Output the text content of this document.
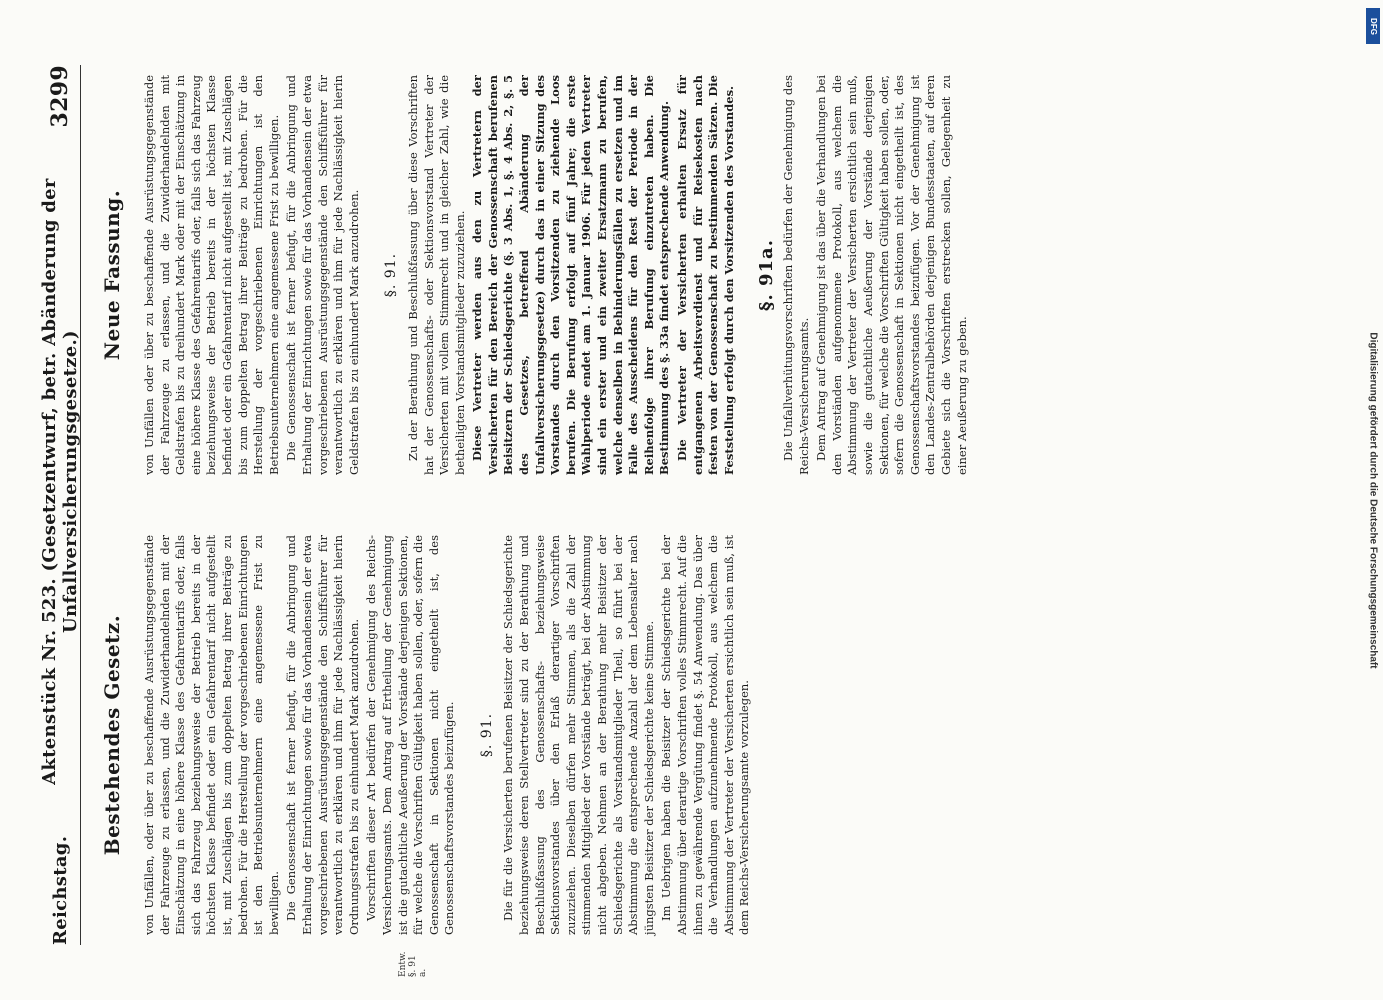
Reichstag.
Aktenstück Nr. 523. (Gesetzentwurf, betr. Abänderung der Unfallversicherungsgesetze.)
3299
Bestehendes Gesetz. von Unfällen, oder über zu beschaffende Ausrüstungsgegenstände der Fahrzeuge zu erlassen, und die Zuwiderhandelnden mit der Einschätzung in eine höhere Klasse des Gefahrentarifs oder, falls sich das Fahrzeug beziehungsweise der Betrieb bereits in der höchsten Klasse befindet oder ein Gefahrentarif nicht aufgestellt ist, mit Zuschlägen bis zum doppelten Betrag ihrer Beiträge zu bedrohen. Für die Herstellung der vorgeschriebenen Einrichtungen ist den Betriebsunternehmern eine angemessene Frist zu bewilligen. Die Genossenschaft ist ferner befugt, für die Anbringung und Erhaltung der Einrichtungen sowie für das Vorhandensein der etwa vorgeschriebenen Ausrüstungsgegenstände den Schiffsführer für verantwortlich zu erklären und ihm für jede Nachlässigkeit hierin Ordnungsstrafen bis zu einhundert Mark anzudrohen. Vorschriften dieser Art bedürfen der Genehmigung des Reichs-Versicherungsamts. Dem Antrag auf Ertheilung der Genehmigung ist die gutachtliche Aeußerung der Vorstände derjenigen Sektionen, für welche die Vorschriften Gültigkeit haben sollen, oder, sofern die Genossenschaft in Sektionen nicht eingetheilt ist, des Genossenschaftsvorstandes beizufügen. §. 91. Die für die Versicherten berufenen Beisitzer der Schiedsgerichte beziehungsweise deren Stellvertreter sind zu der Berathung und Beschlußfassung des Genossenschafts- beziehungsweise Sektionsvorstandes über den Erlaß derartiger Vorschriften zuzuziehen. Dieselben dürfen mehr Stimmen, als die Zahl der stimmenden Mitglieder der Vorstände beträgt, bei der Abstimmung nicht abgeben. Nehmen an der Berathung mehr Beisitzer der Schiedsgerichte als Vorstandsmitglieder Theil, so führt bei der Abstimmung die entsprechende Anzahl der dem Lebensalter nach jüngsten Beisitzer der Schiedsgerichte keine Stimme. Im Uebrigen haben die Beisitzer der Schiedsgerichte bei der Abstimmung über derartige Vorschriften volles Stimmrecht. Auf die ihnen zu gewährende Vergütung findet §. 54 Anwendung. Das über die Verhandlungen aufzunehmende Protokoll, aus welchem die Abstimmung der Vertreter der Versicherten ersichtlich sein muß, ist dem Reichs-Versicherungsamte vorzulegen.

Entw. §. 91 a.
Neue Fassung. von Unfällen oder über zu beschaffende Ausrüstungsgegenstände der Fahrzeuge zu erlassen, und die Zuwiderhandelnden mit Geldstrafen bis zu dreihundert Mark oder mit der Einschätzung in eine höhere Klasse des Gefahrentarifs oder, falls sich das Fahrzeug beziehungsweise der Betrieb bereits in der höchsten Klasse befindet oder ein Gefahrentarif nicht aufgestellt ist, mit Zuschlägen bis zum doppelten Betrag ihrer Beiträge zu bedrohen. Für die Herstellung der vorgeschriebenen Einrichtungen ist den Betriebsunternehmern eine angemessene Frist zu bewilligen. Die Genossenschaft ist ferner befugt, für die Anbringung und Erhaltung der Einrichtungen sowie für das Vorhandensein der etwa vorgeschriebenen Ausrüstungsgegenstände den Schiffsführer für verantwortlich zu erklären und ihm für jede Nachlässigkeit hierin Geldstrafen bis zu einhundert Mark anzudrohen. §. 91. Zu der Berathung und Beschlußfassung über diese Vorschriften hat der Genossenschafts- oder Sektionsvorstand Vertreter der Versicherten mit vollem Stimmrecht und in gleicher Zahl, wie die betheiligten Vorstandsmitglieder zuzuziehen. Diese Vertreter werden aus den zu Vertretern der Versicherten für den Bereich der Genossenschaft berufenen Beisitzern der Schiedsgerichte (§. 3 Abs. 1, §. 4 Abs. 2, §. 5 des Gesetzes, betreffend Abänderung der Unfallversicherungsgesetze) durch das in einer Sitzung des Vorstandes durch den Vorsitzenden zu ziehende Loos berufen. Die Berufung erfolgt auf fünf Jahre; die erste Wahlperiode endet am 1. Januar 1906. Für jeden Vertreter sind ein erster und ein zweiter Ersatzmann zu berufen, welche denselben in Behinderungsfällen zu ersetzen und im Falle des Ausscheidens für den Rest der Periode in der Reihenfolge ihrer Berufung einzutreten haben. Die Bestimmung des §. 33a findet entsprechende Anwendung. Die Vertreter der Versicherten erhalten Ersatz für entgangenen Arbeitsverdienst und für Reisekosten nach festen von der Genossenschaft zu bestimmenden Sätzen. Die Feststellung erfolgt durch den Vorsitzenden des Vorstandes. §. 91a. Die Unfallverhütungsvorschriften bedürfen der Genehmigung des Reichs-Versicherungsamts. Dem Antrag auf Genehmigung ist das über die Verhandlungen bei den Vorständen aufgenommene Protokoll, aus welchem die Abstimmung der Vertreter der Versicherten ersichtlich sein muß, sowie die gutachtliche Aeußerung der Vorstände derjenigen Sektionen, für welche die Vorschriften Gültigkeit haben sollen, oder, sofern die Genossenschaft in Sektionen nicht eingetheilt ist, des Genossenschaftsvorstandes beizufügen. Vor der Genehmigung ist den Landes-Zentralbehörden derjenigen Bundesstaaten, auf deren Gebiete sich die Vorschriften erstrecken sollen, Gelegenheit zu einer Aeußerung zu geben.

DFG
Digitalisierung gefördert durch die Deutsche Forschungsgemeinschaft
